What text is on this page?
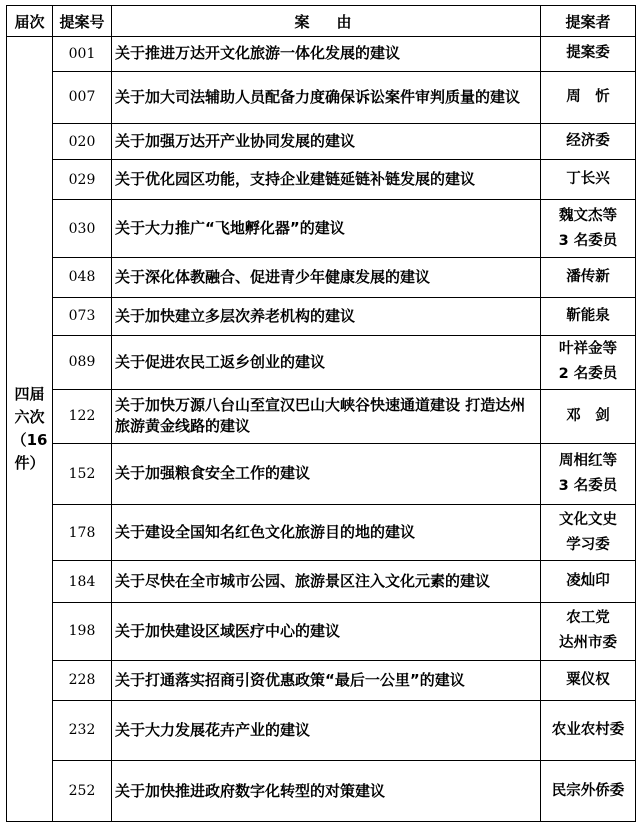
届次	提案号	案　由	提案者

四届
六次
（16
件）	001	关于推进万达开文化旅游一体化发展的建议	提案委

	007	关于加大司法辅助人员配备力度确保诉讼案件审判质量的建议	周　忻

	020	关于加强万达开产业协同发展的建议	经济委

	029	关于优化园区功能，支持企业建链延链补链发展的建议	丁长兴

	030	关于大力推广“飞地孵化器”的建议	魏文杰等
3 名委员

	048	关于深化体教融合、促进青少年健康发展的建议	潘传新

	073	关于加快建立多层次养老机构的建议	靳能泉

	089	关于促进农民工返乡创业的建议	叶祥金等
2 名委员

	122	关于加快万源八台山至宣汉巴山大峡谷快速通道建设 打造达州旅游黄金线路的建议	邓　剑

	152	关于加强粮食安全工作的建议	周相红等
3 名委员

	178	关于建设全国知名红色文化旅游目的地的建议	文化文史
学习委

	184	关于尽快在全市城市公园、旅游景区注入文化元素的建议	凌灿印

	198	关于加快建设区域医疗中心的建议	农工党
达州市委

	228	关于打通落实招商引资优惠政策“最后一公里”的建议	粟仪权

	232	关于大力发展花卉产业的建议	农业农村委

	252	关于加快推进政府数字化转型的对策建议	民宗外侨委
